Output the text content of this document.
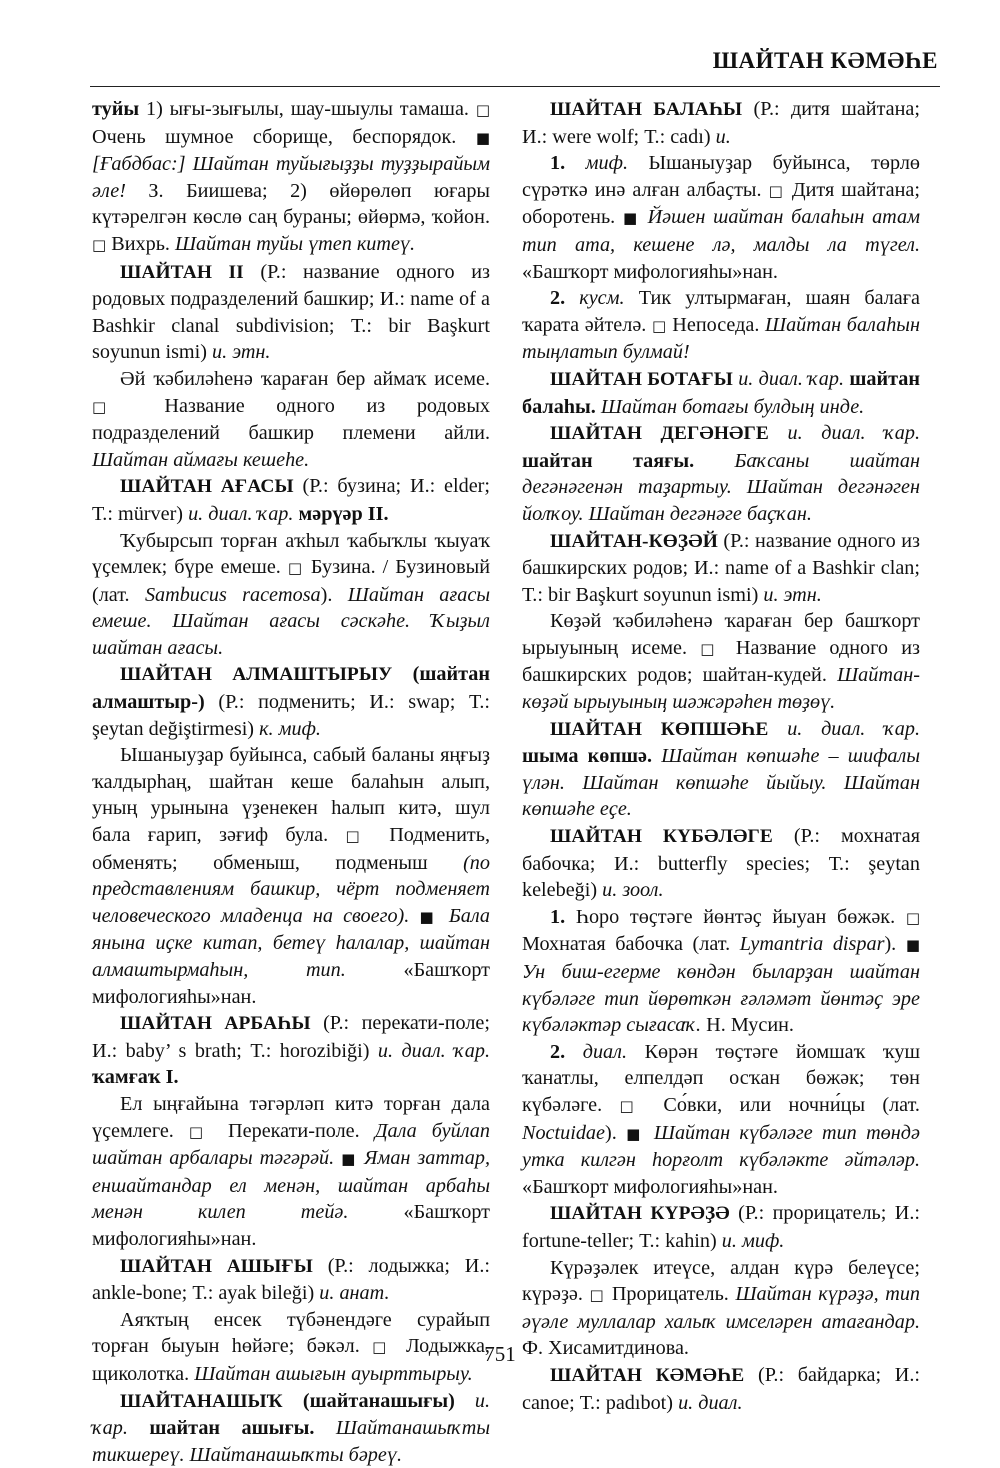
ШАЙТАН КӘМӘҺЕ

туйы 1) ығы-зығылы, шау-шыулы тамаша. □ Очень шумное сборище, беспорядок. ■ [Ғабдбас:] Шайтан туйығыҙҙы туҙҙырайым әле! З. Биишева; 2) өйөрөлөп юғары күтәрелгән көслө саң бураны; өйөрмә, ҡойон. □ Вихрь. Шайтан туйы үтеп китеү.

ШАЙТАН II (Р.: название одного из родовых подразделений башкир; И.: name of a Bashkir clanal subdivision; Т.: bir Başkurt soyunun ismi) и. этн.

Әй ҡәбиләһенә ҡараған бер аймаҡ исеме. □ Название одного из родовых подразделений башкир племени айли. Шайтан аймағы кешеһе.

ШАЙТАН АҒАСЫ (Р.: бузина; И.: elder; Т.: mürver) и. диал. ҡар. мәрүәр II.

Ҡубырсып торған аҡһыл ҡабыҡлы ҡыуаҡ үҫемлек; бүре емеше. □ Бузина. / Бузиновый (лат. Sambucus racemosa). Шайтан ағасы емеше. Шайтан ағасы сәскәһе. Ҡыҙыл шайтан ағасы.

ШАЙТАН АЛМАШТЫРЫУ (шайтан алмаштыр-) (Р.: подменить; И.: swap; Т.: şeytan değiştirmesi) к. миф.

Ышаныуҙар буйынса, сабый баланы яңғыҙ ҡалдырһаң, шайтан кеше балаһын алып, уның урынына үҙенекен һалып китә, шул бала ғарип, зәғиф була. □ Подменить, обменять; обменыш, подменыш (по представлениям башкир, чёрт подменяет человеческого младенца на своего). ■ Бала янына иҫке китап, бетеү һалалар, шайтан алмаштырмаһын, тип. «Башҡорт мифологияһы»нан.

ШАЙТАН АРБАҺЫ (Р.: перекати-поле; И.: baby’ s brath; Т.: horozibiği) и. диал. ҡар. ҡамғаҡ I.

Ел ыңғайына тәгәрләп китә торған дала үҫемлеге. □ Перекати-поле. Дала буйлап шайтан арбалары тәгәрәй. ■ Яман заттар, еншайтандар ел менән, шайтан арбаһы менән килеп тейә. «Башҡорт мифологияһы»нан.

ШАЙТАН АШЫҒЫ (Р.: лодыжка; И.: ankle-bone; Т.: ayak bileği) и. анат.

Аяҡтың енсек түбәнендәге сурайып торған быуын һөйәге; бәкәл. □ Лодыжка, щиколотка. Шайтан ашығын ауырттырыу.

ШАЙТАНАШЫҠ (шайтанашығы) и. ҡар. шайтан ашығы. Шайтанашыҡты тикшереү. Шайтанашыҡты бәреү.

ШАЙТАН БАЛАҺЫ (Р.: дитя шайтана; И.: were wolf; Т.: cadı) и.

1. миф. Ышаныуҙар буйынса, төрлө сүрәткә инә алған албаҫты. □ Дитя шайтана; оборотень. ■ Йәшен шайтан балаһын атам тип ата, кешене лә, малды ла түгел. «Башҡорт мифологияһы»нан.

2. кусм. Тик ултырмаған, шаян балаға ҡарата әйтелә. □ Непоседа. Шайтан балаһын тыңлатып булмай!

ШАЙТАН БОТАҒЫ и. диал. ҡар. шайтан балаһы. Шайтан ботағы булдың инде.

ШАЙТАН ДЕГӘНӘГЕ и. диал. ҡар. шайтан таяғы. Баҡсаны шайтан дегәнәгенән таҙартыу. Шайтан дегәнәген йолҡоу. Шайтан дегәнәге баҫҡан.

ШАЙТАН-КӨҘӘЙ (Р.: название одного из башкирских родов; И.: name of a Bashkir clan; Т.: bir Başkurt soyunun ismi) и. этн.

Көҙәй ҡәбиләһенә ҡараған бер башҡорт ырыуының исеме. □ Название одного из башкирских родов; шайтан-кудей. Шайтан-көҙәй ырыуының шәжәрәһен төҙөү.

ШАЙТАН КӨПШӘҺЕ и. диал. ҡар. шыма көпшә. Шайтан көпшәһе – шифалы үлән. Шайтан көпшәһе йыйыу. Шайтан көпшәһе еҫе.

ШАЙТАН КҮБӘЛӘГЕ (Р.: мохнатая бабочка; И.: butterfly species; Т.: şeytan kelebeği) и. зоол.

1. Һоро төҫтәге йөнтәҫ йыуан бөжәк. □ Мохнатая бабочка (лат. Lymantria dispar). ■ Ун биш-егерме көндән быларҙан шайтан күбәләге тип йөрөткән ғәләмәт йөнтәҫ эре күбәләктәр сығасаҡ. Н. Мусин.

2. диал. Көрән төҫтәге йомшаҡ ҡуш ҡанатлы, елпелдәп осҡан бөжәк; төн күбәләге. □ Со́вки, или ночни́цы (лат. Noctuidae). ■ Шайтан күбәләге тип төндә утка килгән һорғолт күбәләкте әйтәләр. «Башҡорт мифологияһы»нан.

ШАЙТАН КҮРӘҘӘ (Р.: прорицатель; И.: fortune-teller; Т.: kahin) и. миф.

Күрәҙәлек итеүсе, алдан күрә белеүсе; күрәҙә. □ Прорицатель. Шайтан күрәҙә, тип әүәле муллалар халыҡ имселәрен атағандар. Ф. Хисамитдинова.

ШАЙТАН КӘМӘҺЕ (Р.: байдарка; И.: canoe; Т.: padıbot) и. диал.

751
